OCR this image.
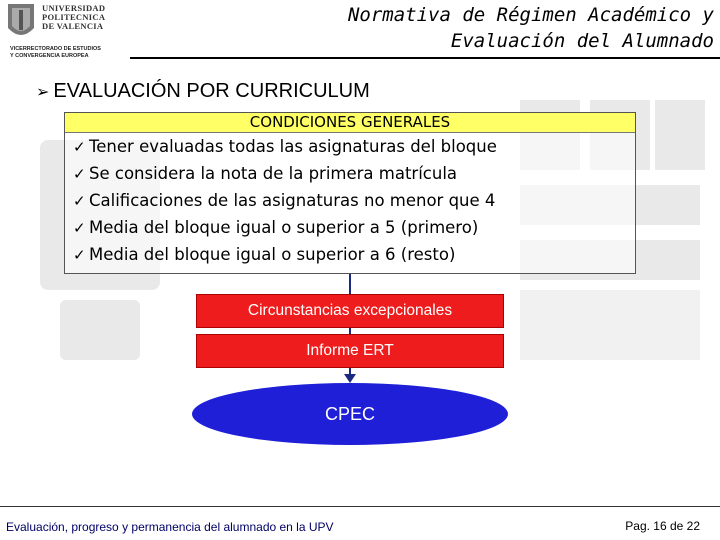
UNIVERSIDAD
POLITECNICA
DE VALENCIA
VICERRECTORADO DE ESTUDIOS
Y CONVERGENCIA EUROPEA
Normativa de Régimen Académico y
Evaluación del Alumnado
➢ EVALUACIÓN POR CURRICULUM
CONDICIONES GENERALES
✓ Tener evaluadas todas las asignaturas del bloque
✓ Se considera la nota de la primera matrícula
✓ Calificaciones de las asignaturas no menor que 4
✓ Media del bloque igual o superior a 5 (primero)
✓ Media del bloque igual o superior a 6 (resto)
Circunstancias excepcionales
Informe ERT
CPEC
Evaluación, progreso y permanencia del alumnado en la UPV	Pag. 16 de 22
